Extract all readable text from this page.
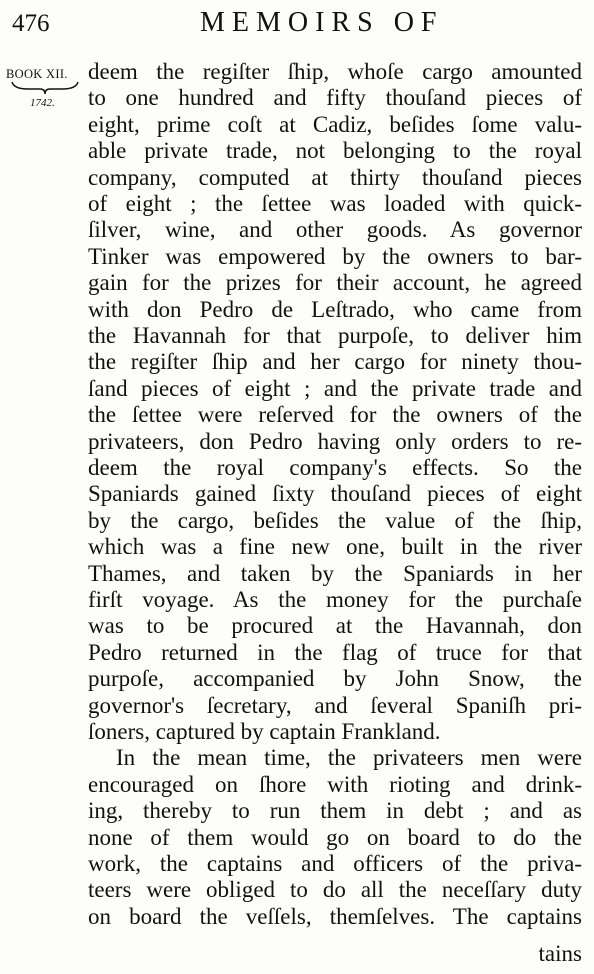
476	MEMOIRS OF
BOOK XII.
1742.
deem the regiſter ſhip, whoſe cargo amounted
to one hundred and fifty thouſand pieces of
eight, prime coſt at Cadiz, beſides ſome valu-
able private trade, not belonging to the royal
company, computed at thirty thouſand pieces
of eight ; the ſettee was loaded with quick-
ſilver, wine, and other goods. As governor
Tinker was empowered by the owners to bar-
gain for the prizes for their account, he agreed
with don Pedro de Leſtrado, who came from
the Havannah for that purpoſe, to deliver him
the regiſter ſhip and her cargo for ninety thou-
ſand pieces of eight ; and the private trade and
the ſettee were reſerved for the owners of the
privateers, don Pedro having only orders to re-
deem the royal company's effects. So the
Spaniards gained ſixty thouſand pieces of eight
by the cargo, beſides the value of the ſhip,
which was a fine new one, built in the river
Thames, and taken by the Spaniards in her
firſt voyage. As the money for the purchaſe
was to be procured at the Havannah, don
Pedro returned in the flag of truce for that
purpoſe, accompanied by John Snow, the
governor's ſecretary, and ſeveral Spaniſh pri-
ſoners, captured by captain Frankland.
In the mean time, the privateers men were
encouraged on ſhore with rioting and drink-
ing, thereby to run them in debt ; and as
none of them would go on board to do the
work, the captains and officers of the priva-
teers were obliged to do all the neceſſary duty
on board the veſſels, themſelves. The captains
tains
